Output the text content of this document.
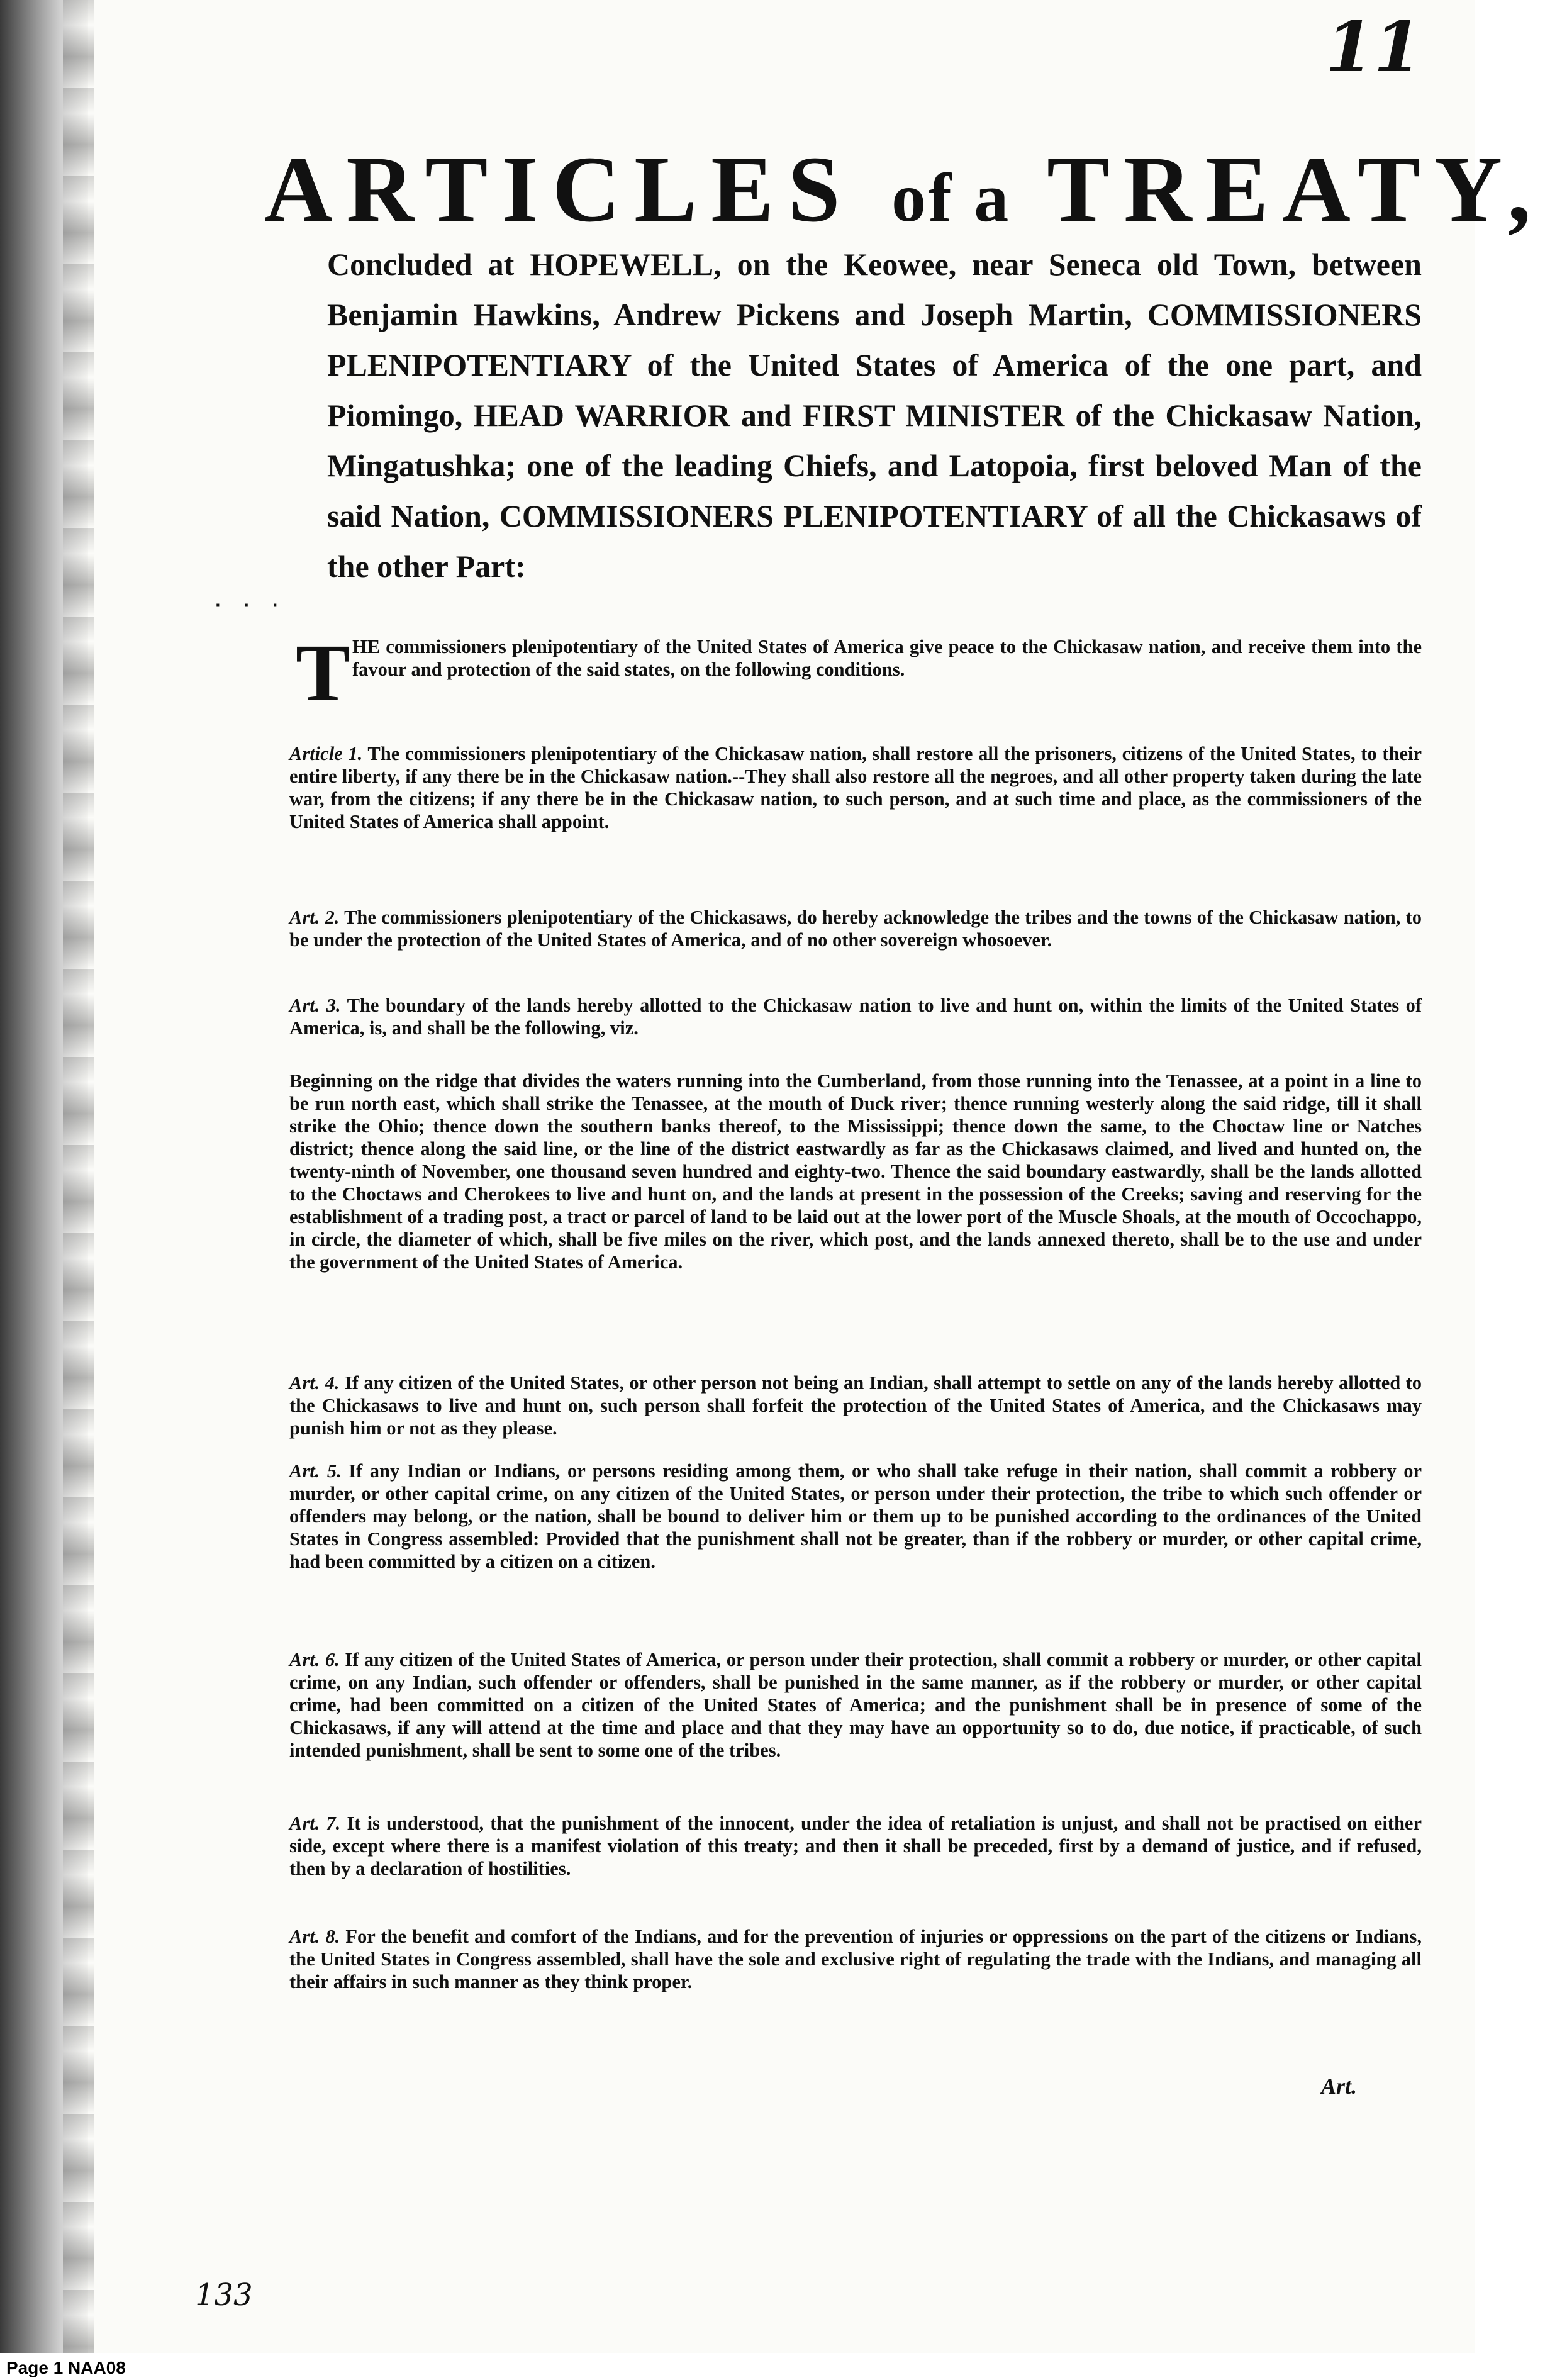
11
ARTICLES of a TREATY,
Concluded at HOPEWELL, on the Keowee, near Seneca old Town, between Benjamin Hawkins, Andrew Pickens and Joseph Martin, COMMISSIONERS PLENIPOTENTIARY of the United States of America of the one part, and Piomingo, HEAD WARRIOR and FIRST MINISTER of the Chickasaw Nation, Mingatushka; one of the leading Chiefs, and Latopoia, first beloved Man of the said Nation, COMMISSIONERS PLENIPOTENTIARY of all the Chickasaws of the other Part:
· · ·
T HE commissioners plenipotentiary of the United States of America give peace to the Chickasaw nation, and receive them into the favour and protection of the said states, on the following conditions.
Article 1. The commissioners plenipotentiary of the Chickasaw nation, shall restore all the prisoners, citizens of the United States, to their entire liberty, if any there be in the Chickasaw nation.--They shall also restore all the negroes, and all other property taken during the late war, from the citizens; if any there be in the Chickasaw nation, to such person, and at such time and place, as the commissioners of the United States of America shall appoint.
Art. 2. The commissioners plenipotentiary of the Chickasaws, do hereby acknowledge the tribes and the towns of the Chickasaw nation, to be under the protection of the United States of America, and of no other sovereign whosoever.
Art. 3. The boundary of the lands hereby allotted to the Chickasaw nation to live and hunt on, within the limits of the United States of America, is, and shall be the following, viz.
Beginning on the ridge that divides the waters running into the Cumberland, from those running into the Tenassee, at a point in a line to be run north east, which shall strike the Tenassee, at the mouth of Duck river; thence running westerly along the said ridge, till it shall strike the Ohio; thence down the southern banks thereof, to the Mississippi; thence down the same, to the Choctaw line or Natches district; thence along the said line, or the line of the district eastwardly as far as the Chickasaws claimed, and lived and hunted on, the twenty-ninth of November, one thousand seven hundred and eighty-two. Thence the said boundary eastwardly, shall be the lands allotted to the Choctaws and Cherokees to live and hunt on, and the lands at present in the possession of the Creeks; saving and reserving for the establishment of a trading post, a tract or parcel of land to be laid out at the lower port of the Muscle Shoals, at the mouth of Occochappo, in circle, the diameter of which, shall be five miles on the river, which post, and the lands annexed thereto, shall be to the use and under the government of the United States of America.
Art. 4. If any citizen of the United States, or other person not being an Indian, shall attempt to settle on any of the lands hereby allotted to the Chickasaws to live and hunt on, such person shall forfeit the protection of the United States of America, and the Chickasaws may punish him or not as they please.
Art. 5. If any Indian or Indians, or persons residing among them, or who shall take refuge in their nation, shall commit a robbery or murder, or other capital crime, on any citizen of the United States, or person under their protection, the tribe to which such offender or offenders may belong, or the nation, shall be bound to deliver him or them up to be punished according to the ordinances of the United States in Congress assembled: Provided that the punishment shall not be greater, than if the robbery or murder, or other capital crime, had been committed by a citizen on a citizen.
Art. 6. If any citizen of the United States of America, or person under their protection, shall commit a robbery or murder, or other capital crime, on any Indian, such offender or offenders, shall be punished in the same manner, as if the robbery or murder, or other capital crime, had been committed on a citizen of the United States of America; and the punishment shall be in presence of some of the Chickasaws, if any will attend at the time and place and that they may have an opportunity so to do, due notice, if practicable, of such intended punishment, shall be sent to some one of the tribes.
Art. 7. It is understood, that the punishment of the innocent, under the idea of retaliation is unjust, and shall not be practised on either side, except where there is a manifest violation of this treaty; and then it shall be preceded, first by a demand of justice, and if refused, then by a declaration of hostilities.
Art. 8. For the benefit and comfort of the Indians, and for the prevention of injuries or oppressions on the part of the citizens or Indians, the United States in Congress assembled, shall have the sole and exclusive right of regulating the trade with the Indians, and managing all their affairs in such manner as they think proper.
Art.
133
Page 1 NAA08
